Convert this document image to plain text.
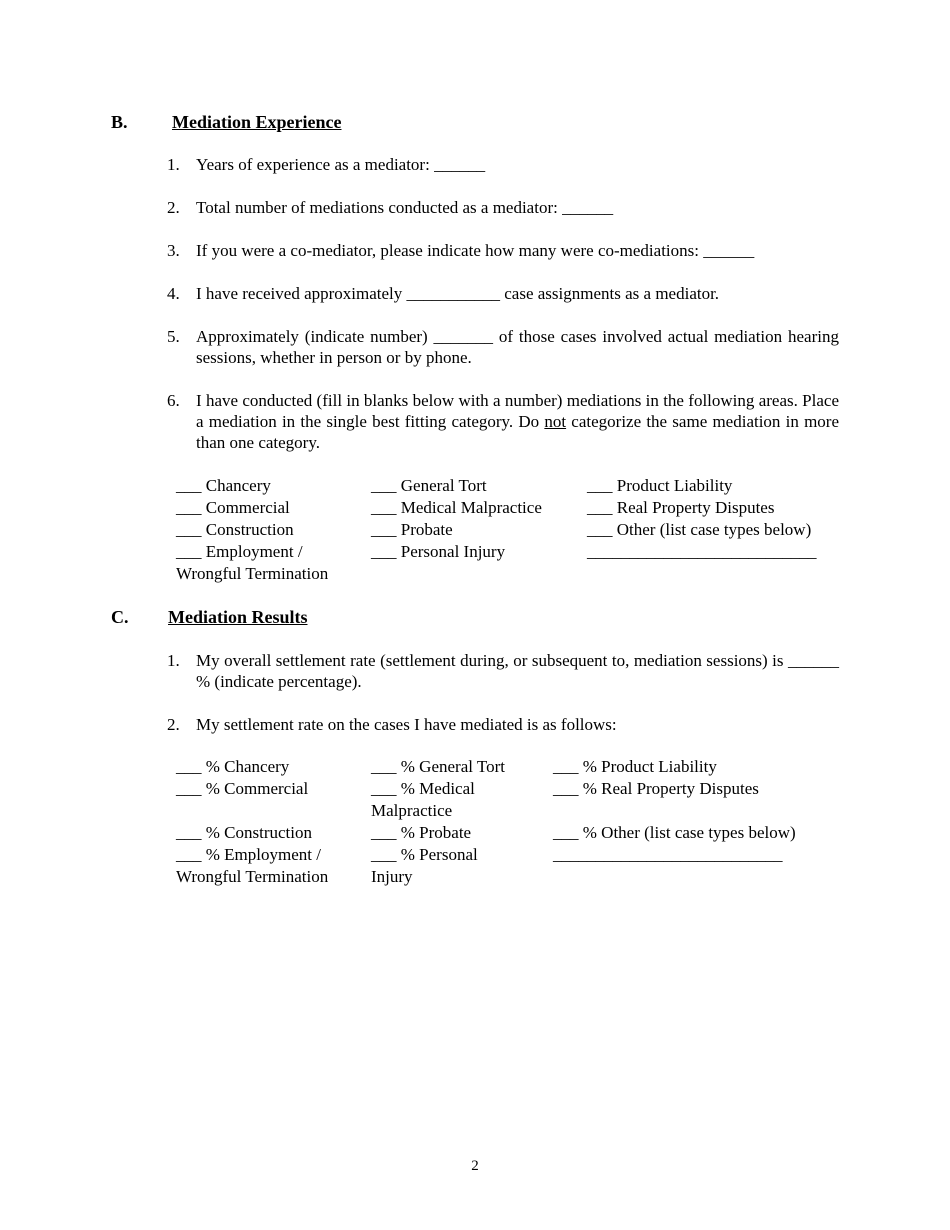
B. Mediation Experience
1. Years of experience as a mediator: ______
2. Total number of mediations conducted as a mediator: ______
3. If you were a co-mediator, please indicate how many were co-mediations: ______
4. I have received approximately ___________ case assignments as a mediator.
5. Approximately (indicate number) _______ of those cases involved actual mediation hearing sessions, whether in person or by phone.
6. I have conducted (fill in blanks below with a number) mediations in the following areas. Place a mediation in the single best fitting category. Do not categorize the same mediation in more than one category.
___ Chancery
___ Commercial
___ Construction
___ Employment /
Wrongful Termination
___ General Tort
___ Medical Malpractice
___ Probate
___ Personal Injury
___ Product Liability
___ Real Property Disputes
___ Other (list case types below)
___________________________
C. Mediation Results
1. My overall settlement rate (settlement during, or subsequent to, mediation sessions) is ______ % (indicate percentage).
2. My settlement rate on the cases I have mediated is as follows:
___ % Chancery
___ % Commercial
___ % Construction
___ % Employment /
Wrongful Termination
___ % General Tort
___ % Medical
Malpractice
___ % Probate
___ % Personal
Injury
___ % Product Liability
___ % Real Property Disputes
___ % Other (list case types below)
___________________________
2
